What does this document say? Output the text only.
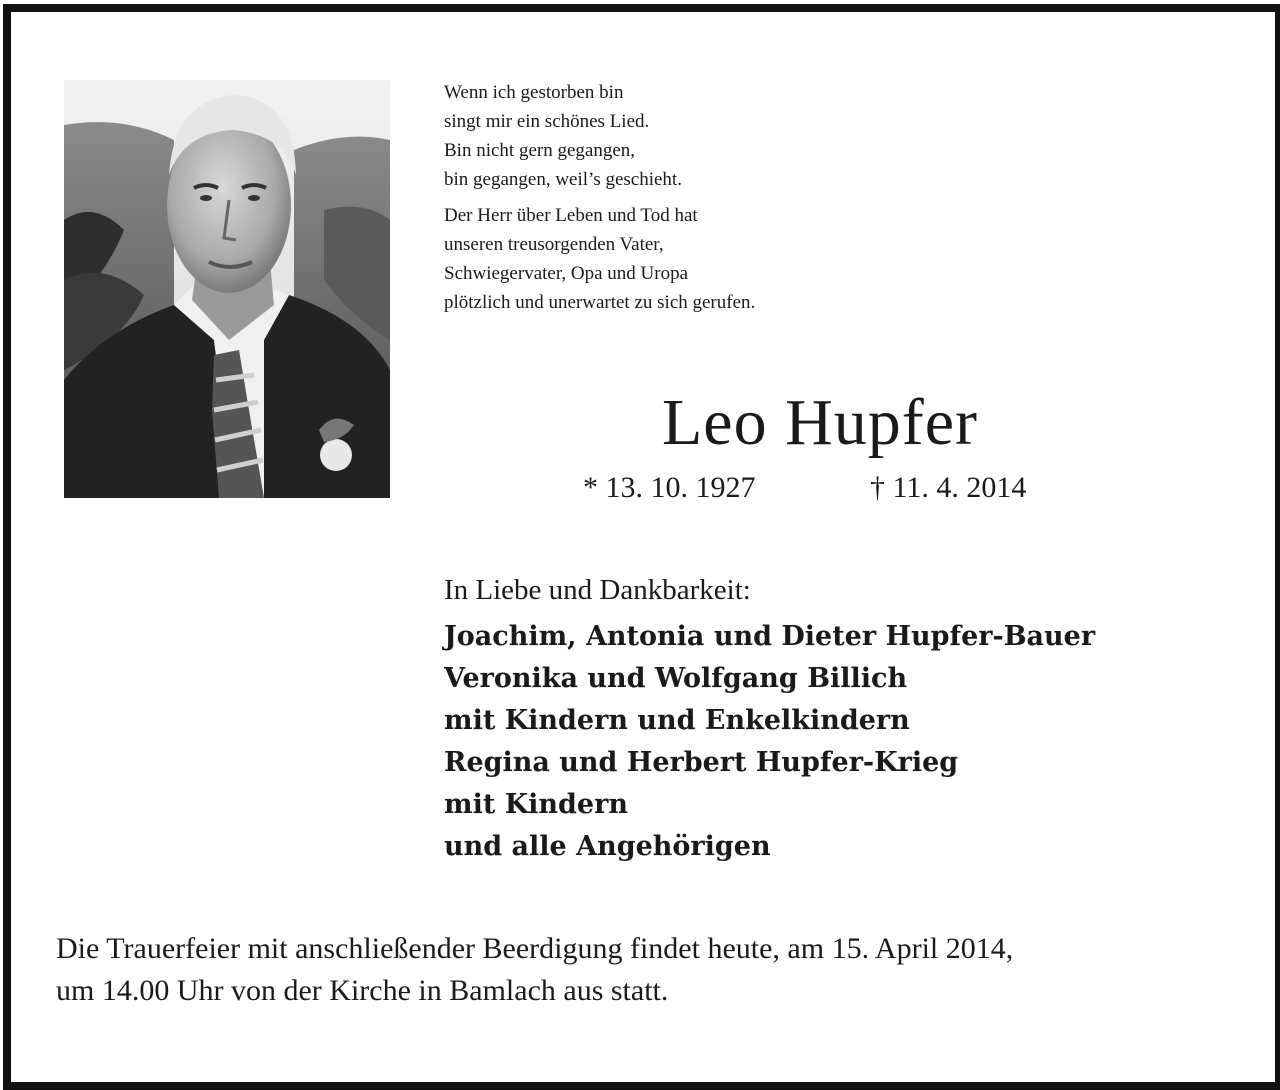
Wenn ich gestorben bin
singt mir ein schönes Lied.
Bin nicht gern gegangen,
bin gegangen, weil’s geschieht.

Der Herr über Leben und Tod hat
unseren treusorgenden Vater,
Schwiegervater, Opa und Uropa
plötzlich und unerwartet zu sich gerufen.

Leo Hupfer
* 13. 10. 1927	† 11. 4. 2014
In Liebe und Dankbarkeit:
Joachim, Antonia und Dieter Hupfer-Bauer
Veronika und Wolfgang Billich
mit Kindern und Enkelkindern
Regina und Herbert Hupfer-Krieg
mit Kindern
und alle Angehörigen
Die Trauerfeier mit anschließender Beerdigung findet heute, am 15. April 2014,
um 14.00 Uhr von der Kirche in Bamlach aus statt.
